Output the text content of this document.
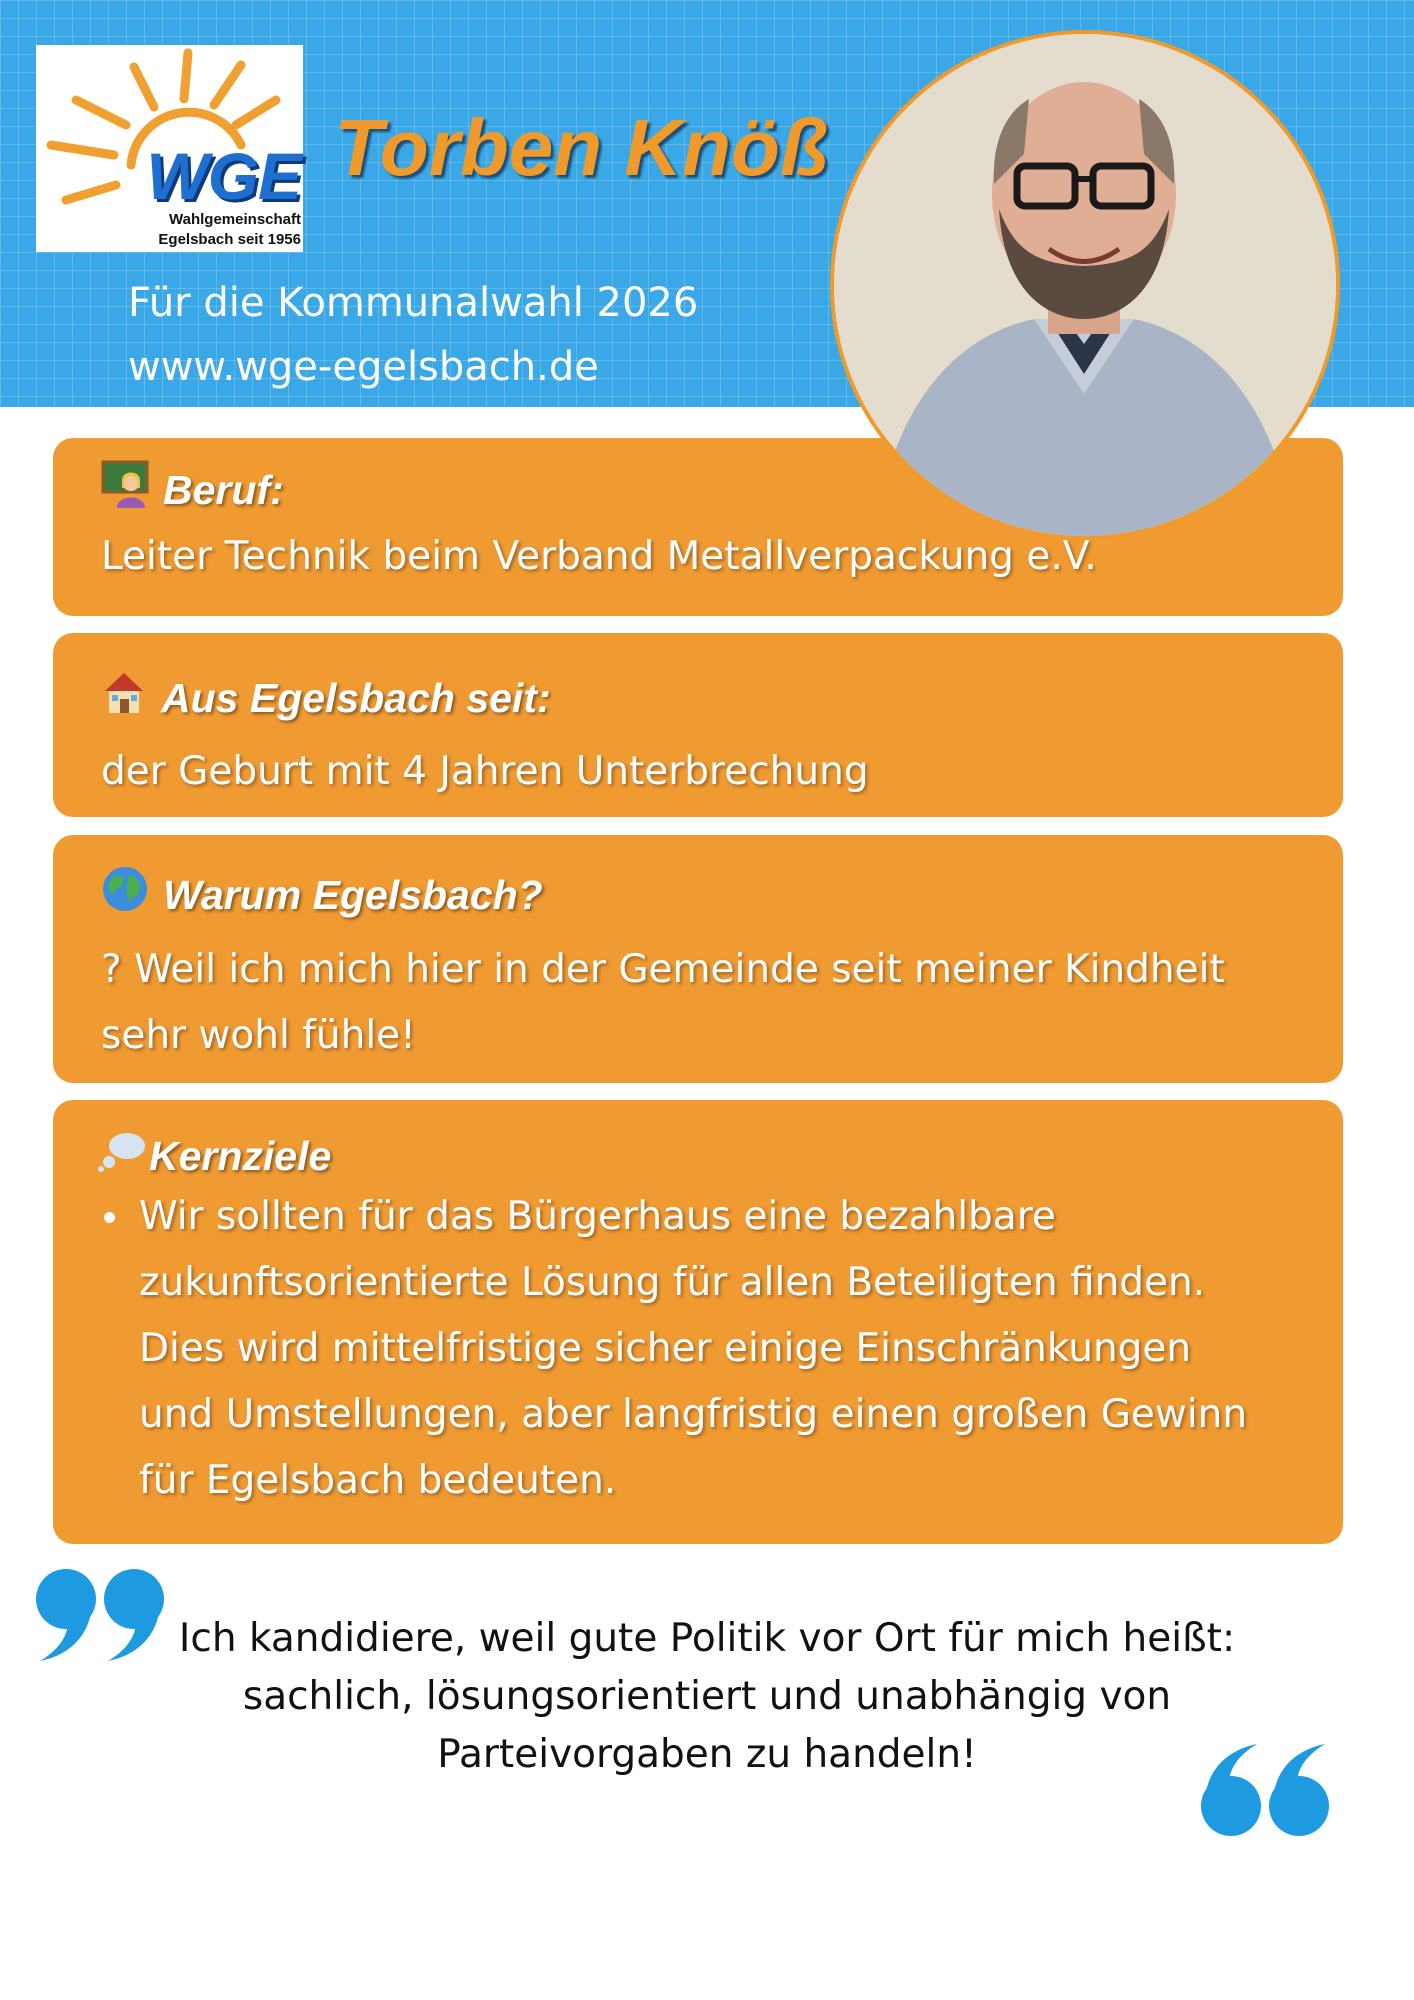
WGE
Wahlgemeinschaft
Egelsbach seit 1956
Torben Knöß
Für die Kommunalwahl 2026
www.wge-egelsbach.de
Beruf:
Leiter Technik beim Verband Metallverpackung e.V.
Aus Egelsbach seit:
der Geburt mit 4 Jahren Unterbrechung
Warum Egelsbach?
? Weil ich mich hier in der Gemeinde seit meiner Kindheit
sehr wohl fühle!
Kernziele
Wir sollten für das Bürgerhaus eine bezahlbare
zukunftsorientierte Lösung für allen Beteiligten finden.
Dies wird mittelfristige sicher einige Einschränkungen
und Umstellungen, aber langfristig einen großen Gewinn
für Egelsbach bedeuten.
Ich kandidiere, weil gute Politik vor Ort für mich heißt:
sachlich, lösungsorientiert und unabhängig von
Parteivorgaben zu handeln!
